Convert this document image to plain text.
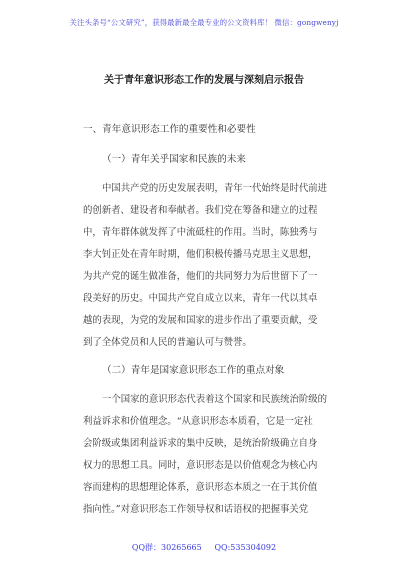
关注头条号“公文研究”，获得最新最全最专业的公文资料库！ 微信：gongwenyj
关于青年意识形态工作的发展与深刻启示报告
一、青年意识形态工作的重要性和必要性
（一）青年关乎国家和民族的未来
中国共产党的历史发展表明，青年一代始终是时代前进
的创新者、建设者和奉献者。我们党在筹备和建立的过程
中，青年群体就发挥了中流砥柱的作用。当时，陈独秀与
李大钊正处在青年时期，他们积极传播马克思主义思想，
为共产党的诞生做准备，他们的共同努力为后世留下了一
段美好的历史。中国共产党自成立以来，青年一代以其卓
越的表现，为党的发展和国家的进步作出了重要贡献，受
到了全体党员和人民的普遍认可与赞誉。
（二）青年是国家意识形态工作的重点对象
一个国家的意识形态代表着这个国家和民族统治阶级的
利益诉求和价值理念。“从意识形态本质看，它是一定社
会阶级或集团利益诉求的集中反映，是统治阶级确立自身
权力的思想工具。同时，意识形态是以价值观念为核心内
容而建构的思想理论体系，意识形态本质之一在于其价值
指向性。”对意识形态工作领导权和话语权的把握事关党
QQ群：30265665     QQ:535304092
